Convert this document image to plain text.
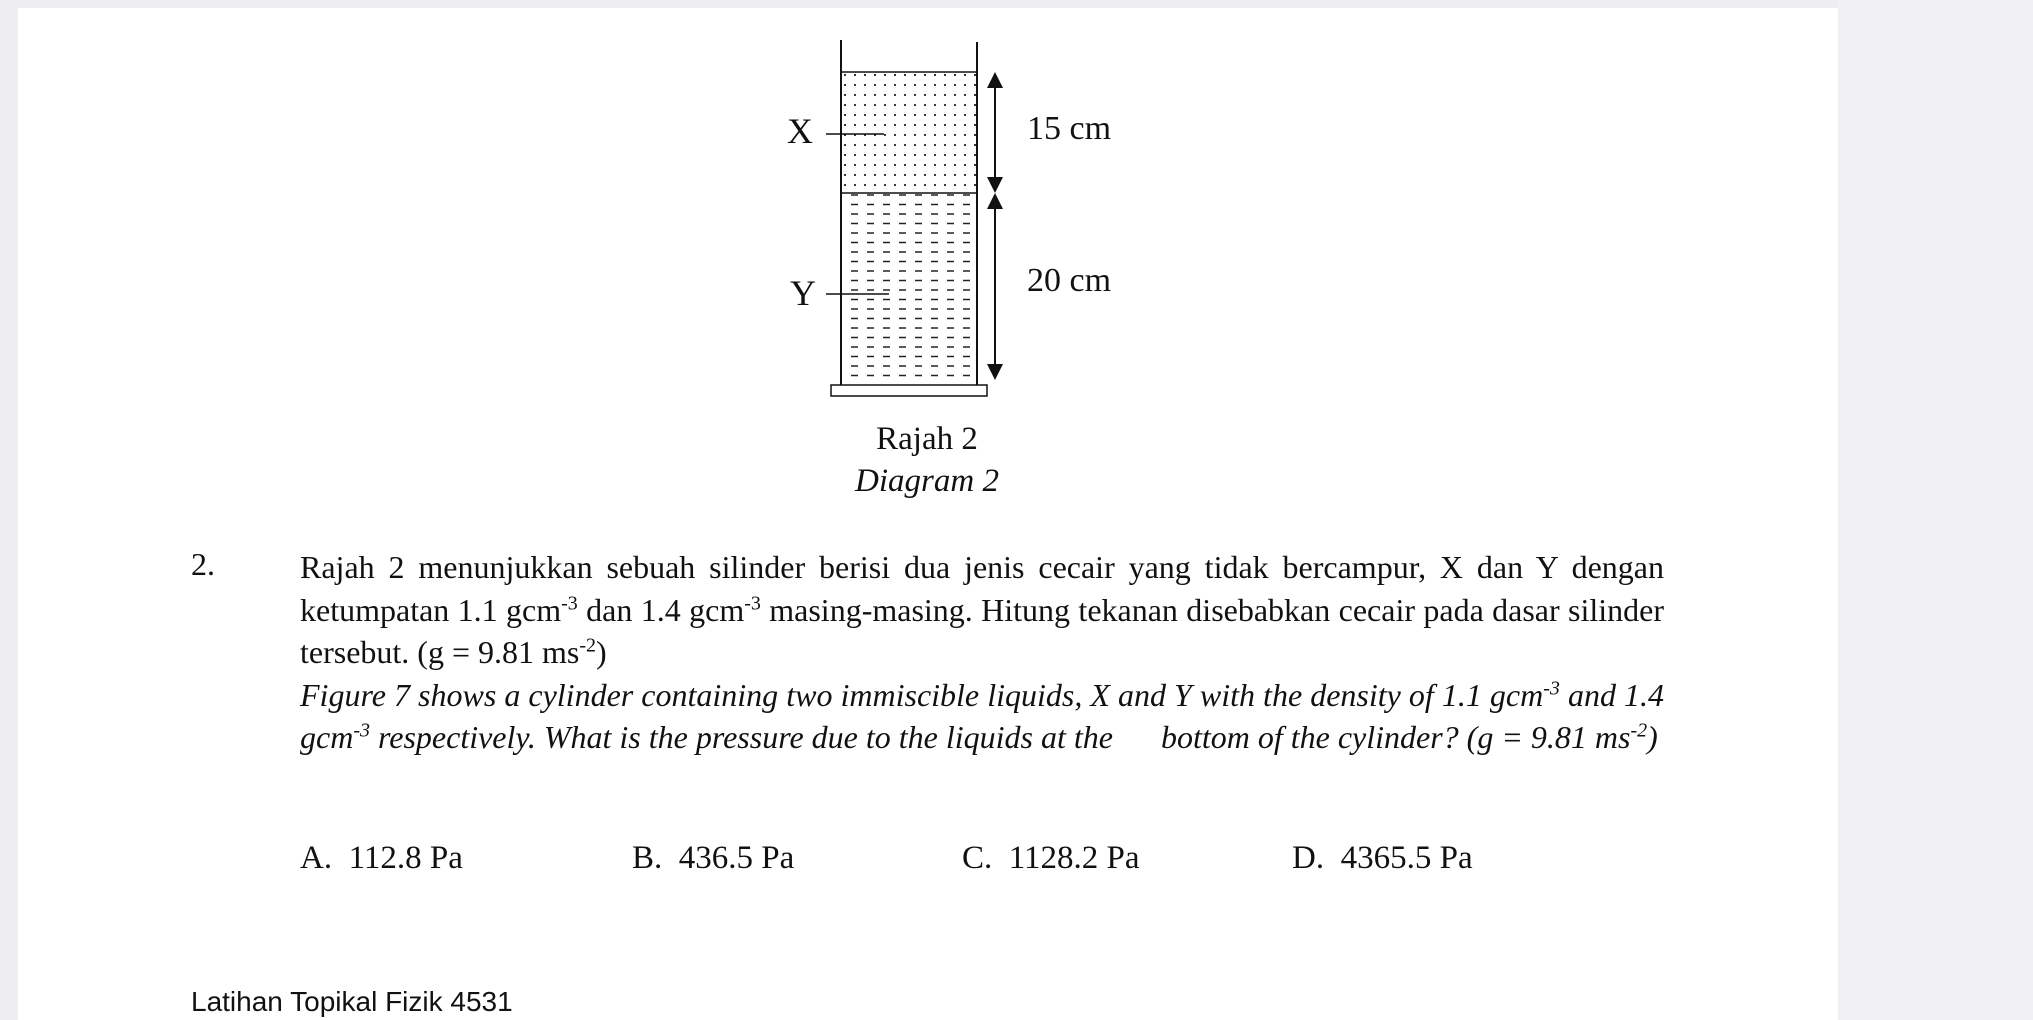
X
Y
15 cm
20 cm
Rajah 2
Diagram 2
2.	Rajah 2 menunjukkan sebuah silinder berisi dua jenis cecair yang tidak bercampur, X dan Y dengan ketumpatan 1.1 gcm$^{-3}$ dan 1.4 gcm$^{-3}$ masing-masing. Hitung tekanan disebabkan cecair pada dasar silinder tersebut. (g = 9.81 $ms^{-2}$)
Figure 7 shows a cylinder containing two immiscible liquids, X and Y with the density of 1.1 gcm$^{-3}$ and 1.4 gcm$^{-3}$ respectively. What is the pressure due to the liquids at the      bottom of the cylinder? (g = 9.81 $ms^{-2}$)
A. 112.8 Pa	B. 436.5 Pa	C. 1128.2 Pa	D. 4365.5 Pa
Latihan Topikal Fizik 4531
